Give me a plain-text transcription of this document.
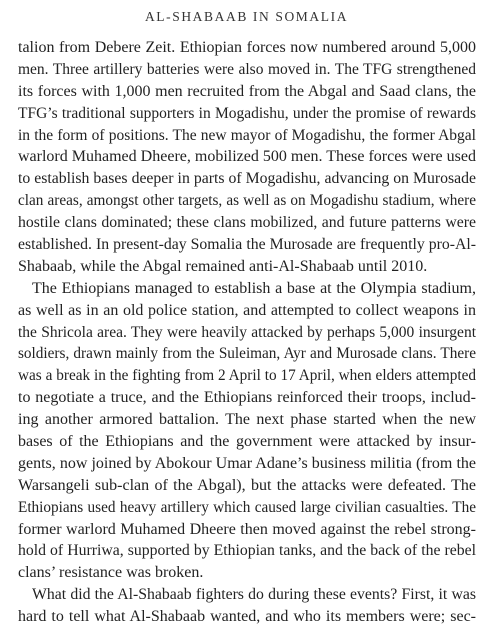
AL-SHABAAB IN SOMALIA
talion from Debere Zeit. Ethiopian forces now numbered around 5,000
men. Three artillery batteries were also moved in. The TFG strengthened
its forces with 1,000 men recruited from the Abgal and Saad clans, the
TFG’s traditional supporters in Mogadishu, under the promise of rewards
in the form of positions. The new mayor of Mogadishu, the former Abgal
warlord Muhamed Dheere, mobilized 500 men. These forces were used
to establish bases deeper in parts of Mogadishu, advancing on Murosade
clan areas, amongst other targets, as well as on Mogadishu stadium, where
hostile clans dominated; these clans mobilized, and future patterns were
established. In present-day Somalia the Murosade are frequently pro-Al-
Shabaab, while the Abgal remained anti-Al-Shabaab until 2010.
The Ethiopians managed to establish a base at the Olympia stadium,
as well as in an old police station, and attempted to collect weapons in
the Shricola area. They were heavily attacked by perhaps 5,000 insurgent
soldiers, drawn mainly from the Suleiman, Ayr and Murosade clans. There
was a break in the fighting from 2 April to 17 April, when elders attempted
to negotiate a truce, and the Ethiopians reinforced their troops, includ-
ing another armored battalion. The next phase started when the new
bases of the Ethiopians and the government were attacked by insur-
gents, now joined by Abokour Umar Adane’s business militia (from the
Warsangeli sub-clan of the Abgal), but the attacks were defeated. The
Ethiopians used heavy artillery which caused large civilian casualties. The
former warlord Muhamed Dheere then moved against the rebel strong-
hold of Hurriwa, supported by Ethiopian tanks, and the back of the rebel
clans’ resistance was broken.
What did the Al-Shabaab fighters do during these events? First, it was
hard to tell what Al-Shabaab wanted, and who its members were; sec-
